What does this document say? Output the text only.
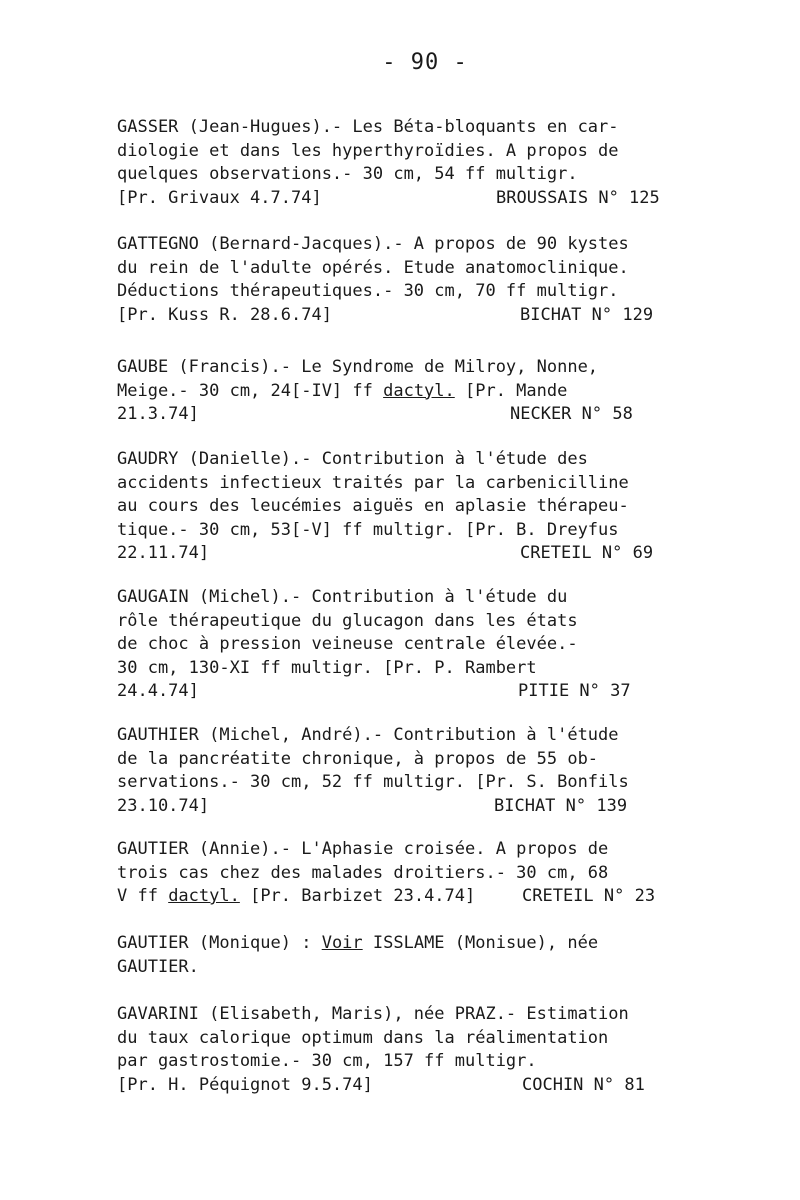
- 90 -
GASSER (Jean-Hugues).- Les Béta-bloquants en car-
diologie et dans les hyperthyroïdies. A propos de
quelques observations.- 30 cm, 54 ff multigr.
[Pr. Grivaux 4.7.74]	BROUSSAIS N° 125
GATTEGNO (Bernard-Jacques).- A propos de 90 kystes
du rein de l'adulte opérés. Etude anatomoclinique.
Déductions thérapeutiques.- 30 cm, 70 ff multigr.
[Pr. Kuss R. 28.6.74]	BICHAT N° 129
GAUBE (Francis).- Le Syndrome de Milroy, Nonne,
Meige.- 30 cm, 24[-IV] ff dactyl. [Pr. Mande
21.3.74]	NECKER N° 58
GAUDRY (Danielle).- Contribution à l'étude des
accidents infectieux traités par la carbenicilline
au cours des leucémies aiguës en aplasie thérapeu-
tique.- 30 cm, 53[-V] ff multigr. [Pr. B. Dreyfus
22.11.74]	CRETEIL N° 69
GAUGAIN (Michel).- Contribution à l'étude du
rôle thérapeutique du glucagon dans les états
de choc à pression veineuse centrale élevée.-
30 cm, 130-XI ff multigr. [Pr. P. Rambert
24.4.74]	PITIE N° 37
GAUTHIER (Michel, André).- Contribution à l'étude
de la pancréatite chronique, à propos de 55 ob-
servations.- 30 cm, 52 ff multigr. [Pr. S. Bonfils
23.10.74]	BICHAT N° 139
GAUTIER (Annie).- L'Aphasie croisée. A propos de
trois cas chez des malades droitiers.- 30 cm, 68
V ff dactyl. [Pr. Barbizet 23.4.74]	CRETEIL N° 23
GAUTIER (Monique) : Voir ISSLAME (Monisue), née
GAUTIER.
GAVARINI (Elisabeth, Maris), née PRAZ.- Estimation
du taux calorique optimum dans la réalimentation
par gastrostomie.- 30 cm, 157 ff multigr.
[Pr. H. Péquignot 9.5.74]	COCHIN N° 81
